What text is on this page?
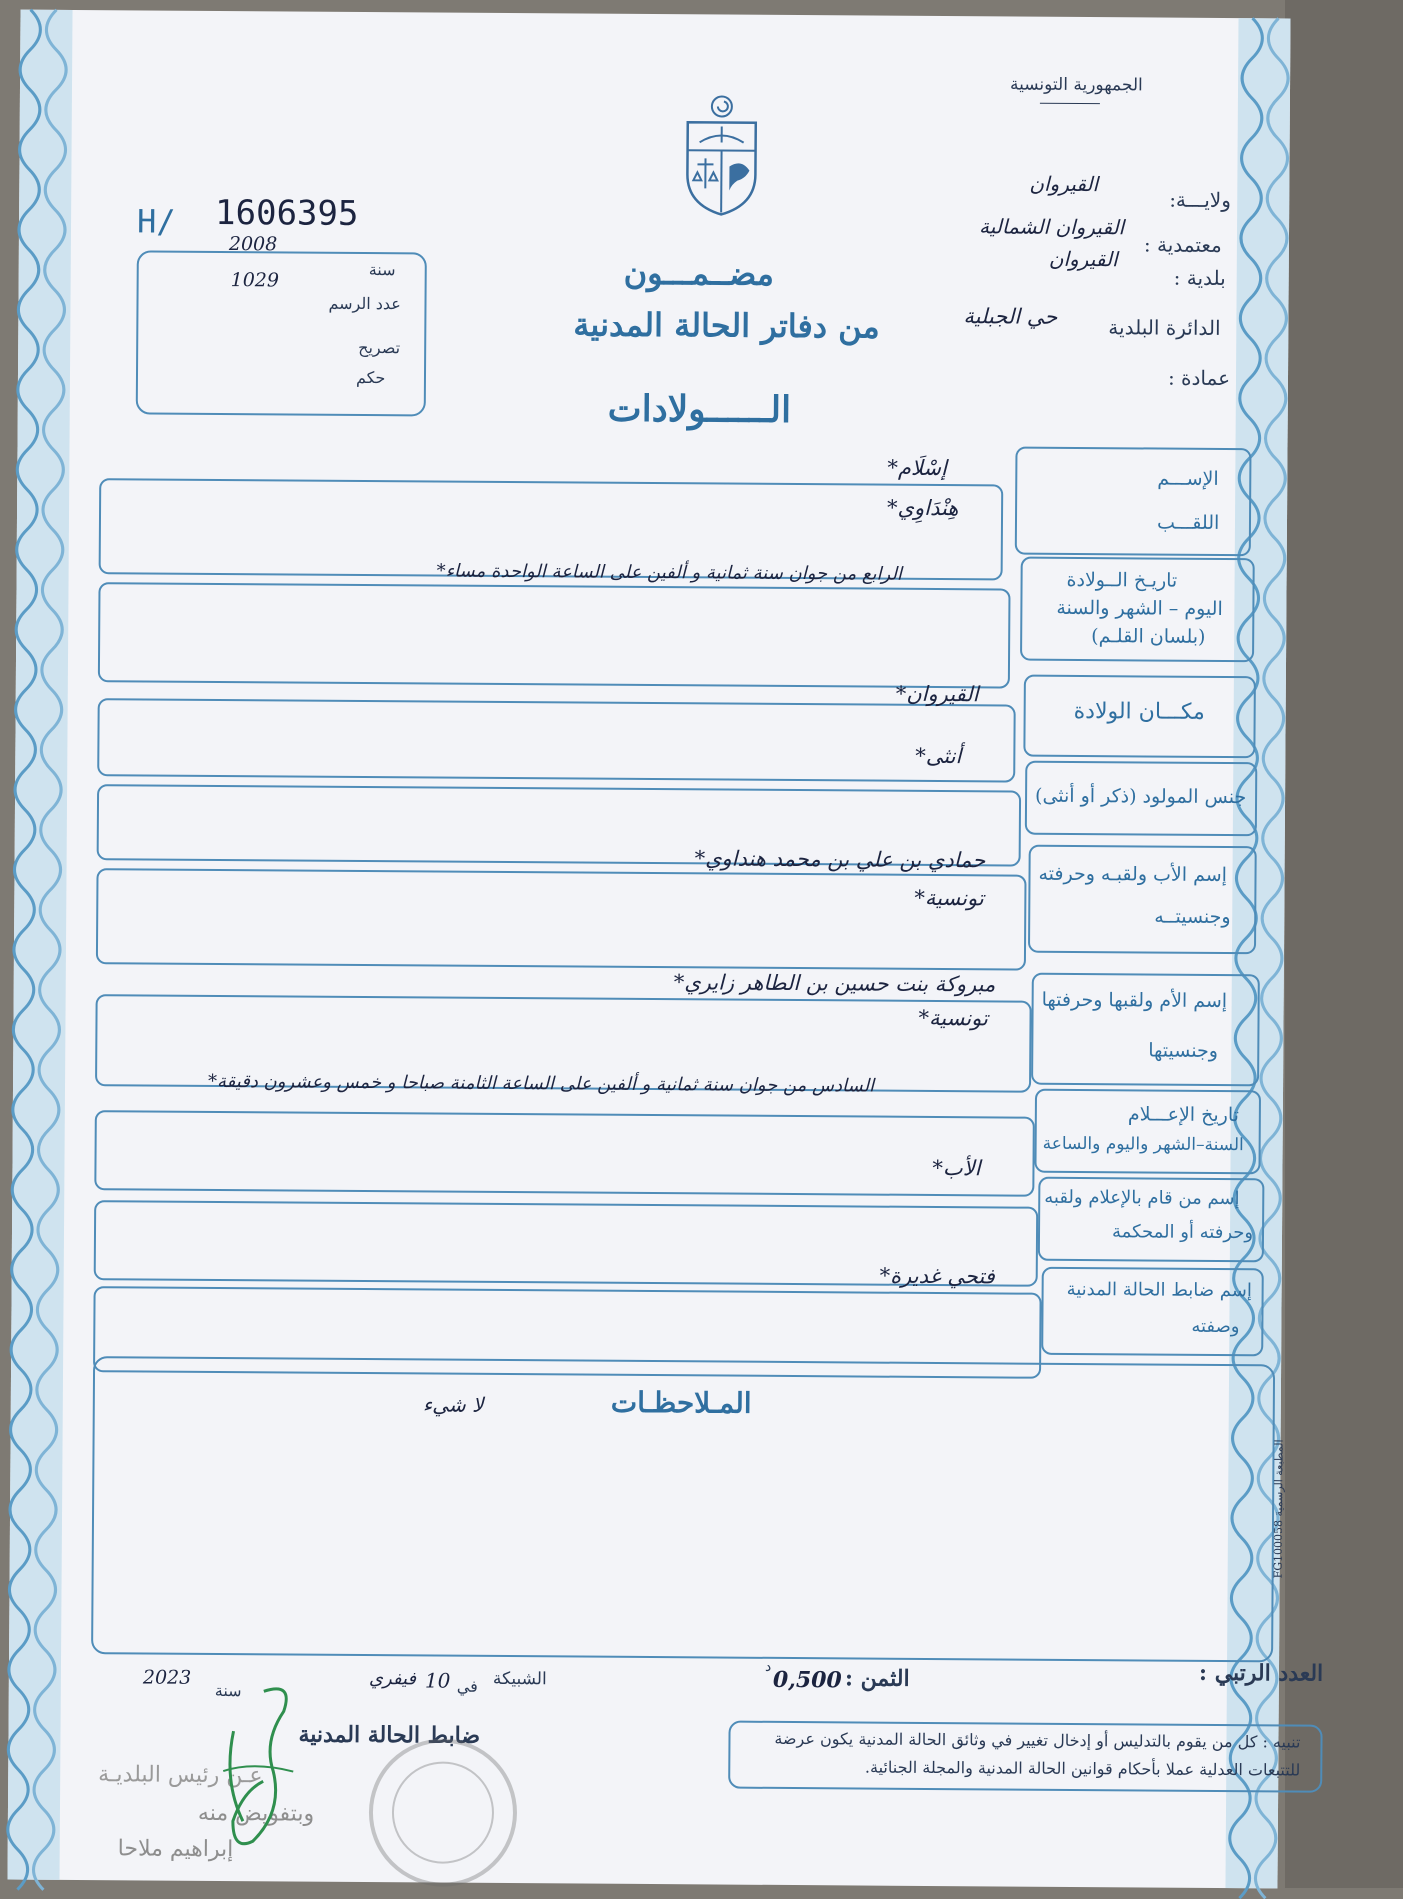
الجمهورية التونسية
ولايـــة:
القيروان
معتمدية :
القيروان الشمالية
بلدية :
القيروان
الدائرة البلدية
حي الجبلية
عمادة :
H/ 1606395
2008
سنة
1029
عدد الرسم
تصريح
حكم
مضــمـــون
من دفاتر الحالة المدنية
الــــــولادات
الإســـم
اللقـــب
تاريـخ الــولادة
اليوم – الشهر والسنة
(بلسان القلـم)
مكـــان الولادة
جنس المولود (ذكر أو أنثى)
إسم الأب ولقبـه وحرفته
وجنسيتــه
إسم الأم ولقبها وحرفتها
وجنسيتها
تاريخ الإعـــلام
السنة–الشهر واليوم والساعة
إسم من قام بالإعلام ولقبه
وحرفته أو المحكمة
إسم ضابط الحالة المدنية
وصفته
إسْلَام*
هِنْدَاوِي*
الرابع من جوان سنة ثمانية و ألفين على الساعة الواحدة مساء*
القيروان*
أنثى*
حمادي بن علي بن محمد هنداوي*
تونسية*
مبروكة بنت حسين بن الطاهر زايري*
تونسية*
السادس من جوان سنة ثمانية و ألفين على الساعة الثامنة صباحا و خمس وعشرون دقيقة*
الأب*
فتحي غديرة*
المـلاحظـات
لا شيء
المطبعة الرسمية FG100058
العدد الرتبي :
الثمن :
0,500
د
الشبيكة
في
10
فيفري
سنة
2023
ضابط الحالة المدنية	تنبيه : كل من يقوم بالتدليس أو إدخال تغيير في وثائق الحالة المدنية يكون عرضة للتتبعات العدلية عملا بأحكام قوانين الحالة المدنية والمجلة الجنائية.
عـن رئيس البلديـة
وبتفويض منه
إبراهيم ملاحا
